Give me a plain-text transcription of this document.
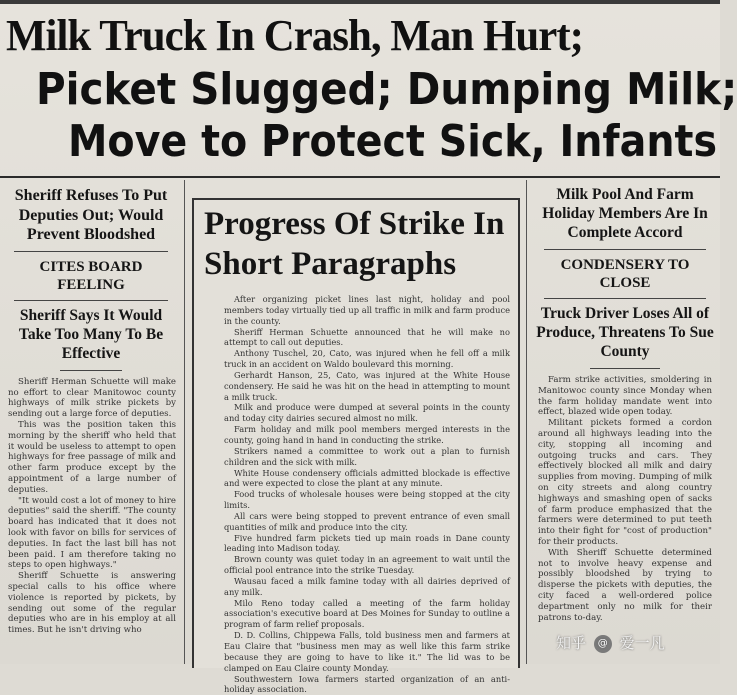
Milk Truck In Crash, Man Hurt;
Picket Slugged; Dumping Milk;
Move to Protect Sick, Infants

Sheriff Refuses To Put Deputies Out; Would Prevent Bloodshed

CITES BOARD FEELING

Sheriff Says It Would Take Too Many To Be Effective

Sheriff Herman Schuette will make no effort to clear Manitowoc county highways of milk strike pickets by sending out a large force of deputies.

This was the position taken this morning by the sheriff who held that it would be useless to attempt to open highways for free passage of milk and other farm produce except by the appointment of a large number of deputies.

"It would cost a lot of money to hire deputies" said the sheriff. "The county board has indicated that it does not look with favor on bills for services of deputies. In fact the last bill has not been paid. I am therefore taking no steps to open highways."

Sheriff Schuette is answering special calls to his office where violence is reported by pickets, by sending out some of the regular deputies who are in his employ at all times. But he isn't driving who

Progress Of Strike In Short Paragraphs

After organizing picket lines last night, holiday and pool members today virtually tied up all traffic in milk and farm produce in the county.

Sheriff Herman Schuette announced that he will make no attempt to call out deputies.

Anthony Tuschel, 20, Cato, was injured when he fell off a milk truck in an accident on Waldo boulevard this morning.

Gerhardt Hanson, 25, Cato, was injured at the White House condensery. He said he was hit on the head in attempting to mount a milk truck.

Milk and produce were dumped at several points in the county and today city dairies secured almost no milk.

Farm holiday and milk pool members merged interests in the county, going hand in hand in conducting the strike.

Strikers named a committee to work out a plan to furnish children and the sick with milk.

White House condensery officials admitted blockade is effective and were expected to close the plant at any minute.

Food trucks of wholesale houses were being stopped at the city limits.

All cars were being stopped to prevent entrance of even small quantities of milk and produce into the city.

Five hundred farm pickets tied up main roads in Dane county leading into Madison today.

Brown county was quiet today in an agreement to wait until the official pool entrance into the strike Tuesday.

Wausau faced a milk famine today with all dairies deprived of any milk.

Milo Reno today called a meeting of the farm holiday association's executive board at Des Moines for Sunday to outline a program of farm relief proposals.

D. D. Collins, Chippewa Falls, told business men and farmers at Eau Claire that "business men may as well like this farm strike because they are going to have to like it." The lid was to be clamped on Eau Claire county Monday.

Southwestern Iowa farmers started organization of an anti-holiday association.

Milk Pool And Farm Holiday Members Are In Complete Accord

CONDENSERY TO CLOSE

Truck Driver Loses All of Produce, Threatens To Sue County

Farm strike activities, smoldering in Manitowoc county since Monday when the farm holiday mandate went into effect, blazed wide open today.

Militant pickets formed a cordon around all highways leading into the city, stopping all incoming and outgoing trucks and cars. They effectively blocked all milk and dairy supplies from moving. Dumping of milk on city streets and along country highways and smashing open of sacks of farm produce emphasized that the farmers were determined to put teeth into their fight for "cost of production" for their products.

With Sheriff Schuette determined not to involve heavy expense and possibly bloodshed by trying to disperse the pickets with deputies, the city faced a well-ordered police department only no milk for their patrons to-day.

知乎 @ 爱一凡
